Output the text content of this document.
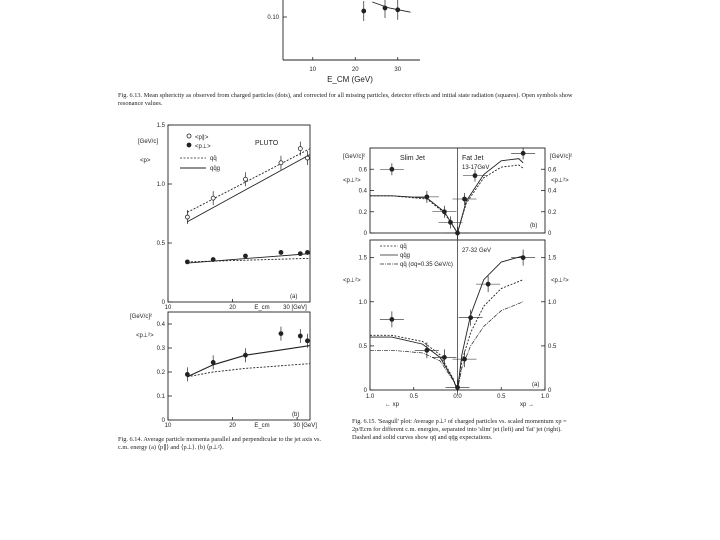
0.10
10	20	30
E_CM (GeV)
1.5
1.0
0.5
0
[GeV/c]
<p>
PLUTO
(a)
<p∥>
<p⊥>
qq̄
qq̄g
10	20	E_cm 30 [GeV]
0.4
0.3
0.2
0.1
0
[GeV/c]²
<p⊥²>
(b)
10	20	30 [GeV]
E_cm
0.6	0.6
0.4	0.4
0.2	0.2
0	0
[GeV/c]²	[GeV/c]²
<p⊥²>	<p⊥²>
Slim Jet	Fat Jet
13-17GeV
(b)
1.5	1.5
1.0	1.0
0.5	0.5
0	0
<p⊥²>	<p⊥²>
27-32 GeV
(a)
qq̄
qq̄g
qq̄ (σq=0.35 GeV/c)
1.0	0.5	0.0	0.5	1.0
← xp	xp →
Fig. 6.13. Mean sphericity as observed from charged particles (dots), and corrected for all missing particles, detector effects and initial state radiation (squares). Open symbols show resonance values.
Fig. 6.14. Average particle momenta parallel and perpendicular to the jet axis vs. c.m. energy (a) ⟨p∥⟩ and ⟨p⊥⟩. (b) ⟨p⊥²⟩.
Fig. 6.15. 'Seagull' plot: Average p⊥² of charged particles vs. scaled momentum xp = 2p/Ecm for different c.m. energies, separated into 'slim' jet (left) and 'fat' jet (right). Dashed and solid curves show qq̄ and qq̄g expectations.
